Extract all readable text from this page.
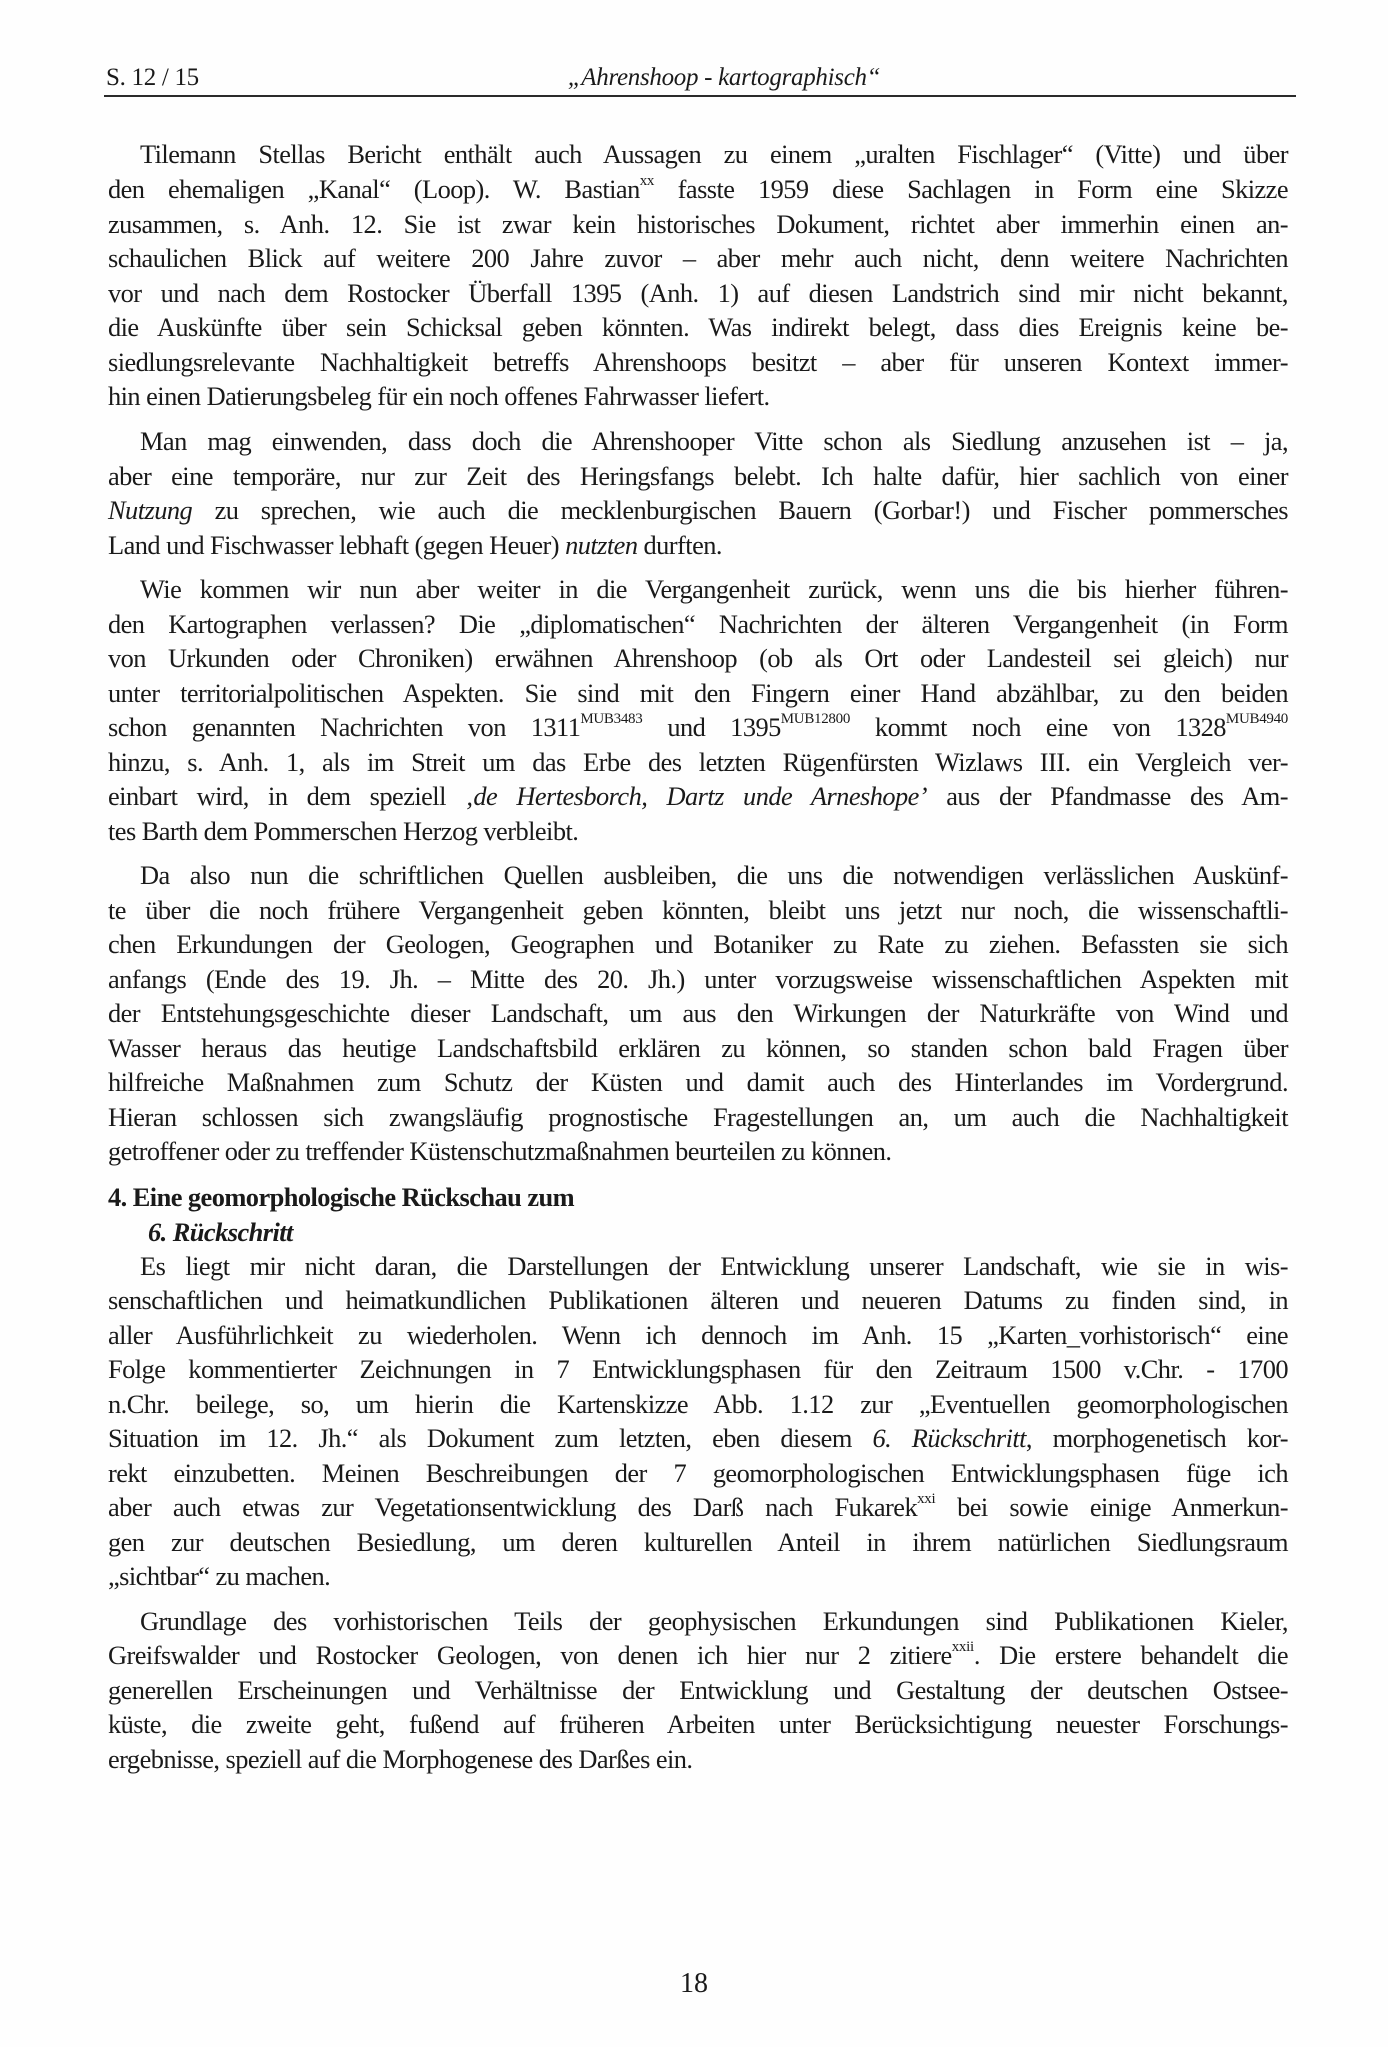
S. 12 / 15	„Ahrenshoop - kartographisch“
Tilemann Stellas Bericht enthält auch Aussagen zu einem „uralten Fischlager“ (Vitte) und über
den ehemaligen „Kanal“ (Loop). W. Bastian$^{xx}$ fasste 1959 diese Sachlagen in Form eine Skizze
zusammen, s. Anh. 12. Sie ist zwar kein historisches Dokument, richtet aber immerhin einen an-
schaulichen Blick auf weitere 200 Jahre zuvor – aber mehr auch nicht, denn weitere Nachrichten
vor und nach dem Rostocker Überfall 1395 (Anh. 1) auf diesen Landstrich sind mir nicht bekannt,
die Auskünfte über sein Schicksal geben könnten. Was indirekt belegt, dass dies Ereignis keine be-
siedlungsrelevante Nachhaltigkeit betreffs Ahrenshoops besitzt – aber für unseren Kontext immer-
hin einen Datierungsbeleg für ein noch offenes Fahrwasser liefert.
Man mag einwenden, dass doch die Ahrenshooper Vitte schon als Siedlung anzusehen ist – ja,
aber eine temporäre, nur zur Zeit des Heringsfangs belebt. Ich halte dafür, hier sachlich von einer
Nutzung zu sprechen, wie auch die mecklenburgischen Bauern (Gorbar!) und Fischer pommersches
Land und Fischwasser lebhaft (gegen Heuer) nutzten durften.
Wie kommen wir nun aber weiter in die Vergangenheit zurück, wenn uns die bis hierher führen-
den Kartographen verlassen? Die „diplomatischen“ Nachrichten der älteren Vergangenheit (in Form
von Urkunden oder Chroniken) erwähnen Ahrenshoop (ob als Ort oder Landesteil sei gleich) nur
unter territorialpolitischen Aspekten. Sie sind mit den Fingern einer Hand abzählbar, zu den beiden
schon genannten Nachrichten von $1311^{MUB3483}$ und $1395^{MUB12800}$ kommt noch eine von $1328^{MUB4940}$
hinzu, s. Anh. 1, als im Streit um das Erbe des letzten Rügenfürsten Wizlaws III. ein Vergleich ver-
einbart wird, in dem speziell ‚de Hertesborch, Dartz unde Arneshope’ aus der Pfandmasse des Am-
tes Barth dem Pommerschen Herzog verbleibt.
Da also nun die schriftlichen Quellen ausbleiben, die uns die notwendigen verlässlichen Auskünf-
te über die noch frühere Vergangenheit geben könnten, bleibt uns jetzt nur noch, die wissenschaftli-
chen Erkundungen der Geologen, Geographen und Botaniker zu Rate zu ziehen. Befassten sie sich
anfangs (Ende des 19. Jh. – Mitte des 20. Jh.) unter vorzugsweise wissenschaftlichen Aspekten mit
der Entstehungsgeschichte dieser Landschaft, um aus den Wirkungen der Naturkräfte von Wind und
Wasser heraus das heutige Landschaftsbild erklären zu können, so standen schon bald Fragen über
hilfreiche Maßnahmen zum Schutz der Küsten und damit auch des Hinterlandes im Vordergrund.
Hieran schlossen sich zwangsläufig prognostische Fragestellungen an, um auch die Nachhaltigkeit
getroffener oder zu treffender Küstenschutzmaßnahmen beurteilen zu können.
4. Eine geomorphologische Rückschau zum
6. Rückschritt
Es liegt mir nicht daran, die Darstellungen der Entwicklung unserer Landschaft, wie sie in wis-
senschaftlichen und heimatkundlichen Publikationen älteren und neueren Datums zu finden sind, in
aller Ausführlichkeit zu wiederholen. Wenn ich dennoch im Anh. 15 „Karten_vorhistorisch“ eine
Folge kommentierter Zeichnungen in 7 Entwicklungsphasen für den Zeitraum 1500 v.Chr. - 1700
n.Chr. beilege, so, um hierin die Kartenskizze Abb. 1.12 zur „Eventuellen geomorphologischen
Situation im 12. Jh.“ als Dokument zum letzten, eben diesem 6. Rückschritt, morphogenetisch kor-
rekt einzubetten. Meinen Beschreibungen der 7 geomorphologischen Entwicklungsphasen füge ich
aber auch etwas zur Vegetationsentwicklung des Darß nach Fukarek$^{xxi}$ bei sowie einige Anmerkun-
gen zur deutschen Besiedlung, um deren kulturellen Anteil in ihrem natürlichen Siedlungsraum
„sichtbar“ zu machen.
Grundlage des vorhistorischen Teils der geophysischen Erkundungen sind Publikationen Kieler,
Greifswalder und Rostocker Geologen, von denen ich hier nur 2 zitiere$^{xxii}$. Die erstere behandelt die
generellen Erscheinungen und Verhältnisse der Entwicklung und Gestaltung der deutschen Ostsee-
küste, die zweite geht, fußend auf früheren Arbeiten unter Berücksichtigung neuester Forschungs-
ergebnisse, speziell auf die Morphogenese des Darßes ein.
18
